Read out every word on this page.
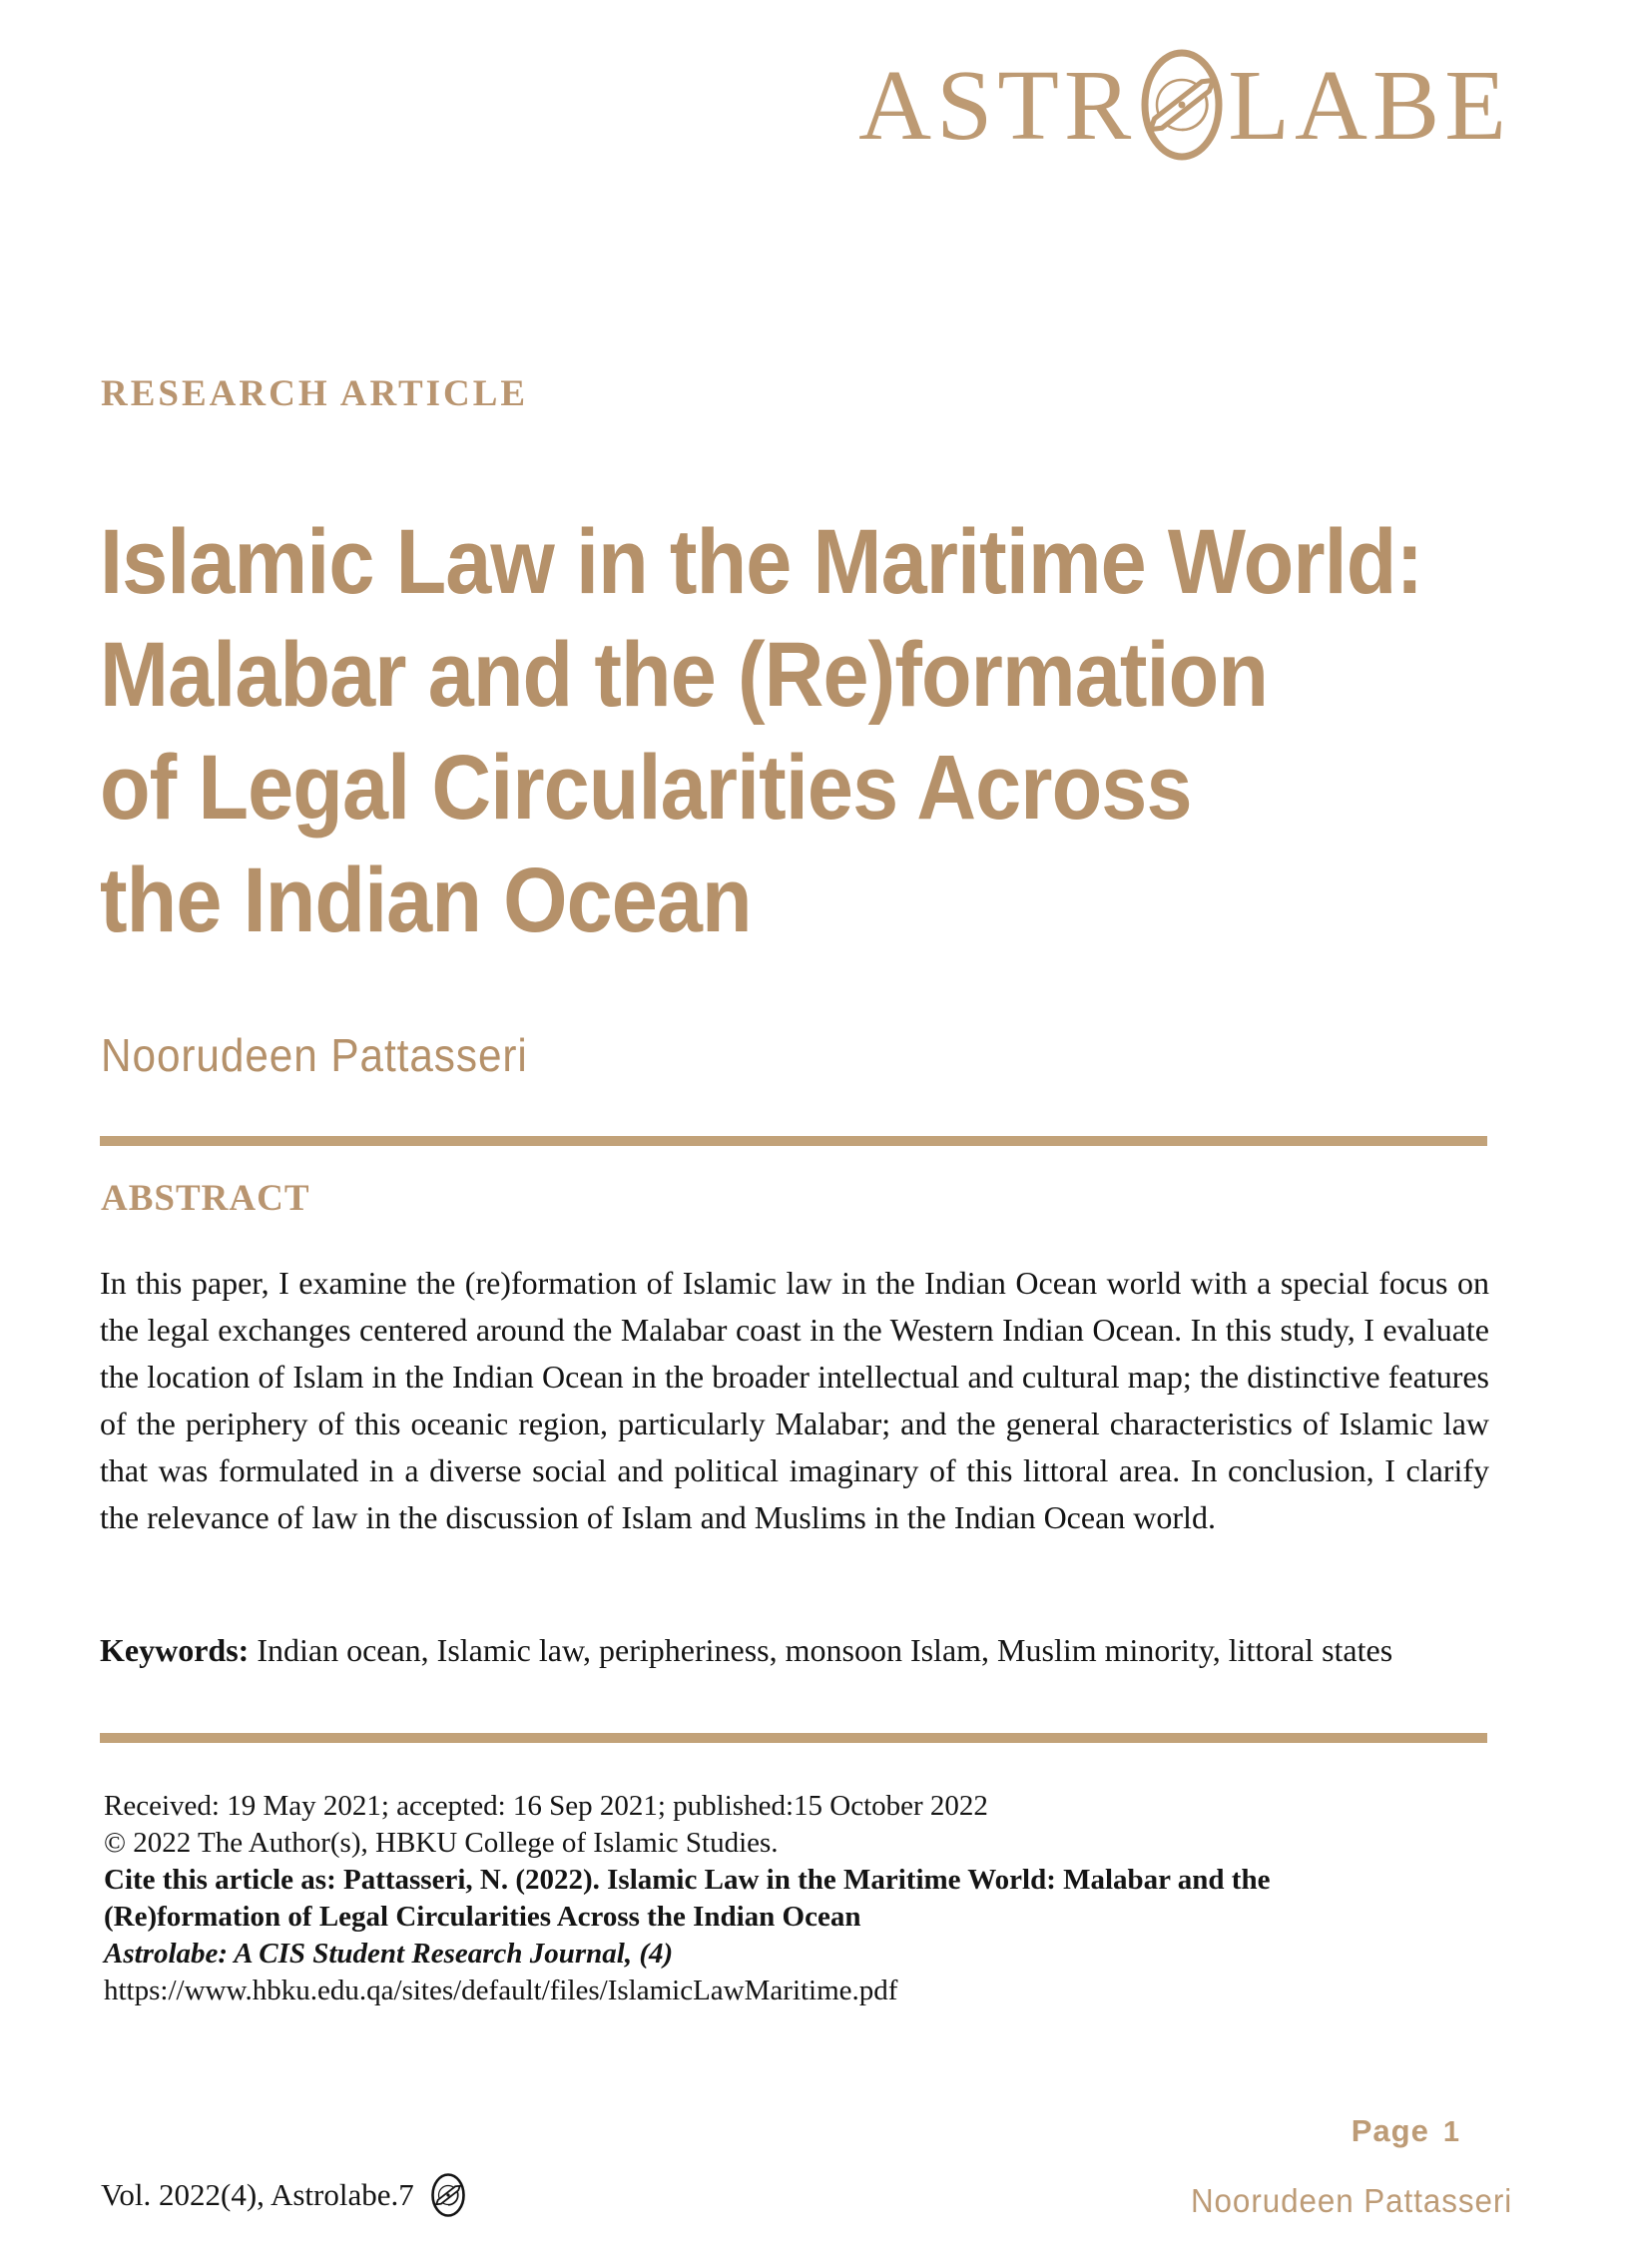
ASTR LABE
RESEARCH ARTICLE
Islamic Law in the Maritime World:
Malabar and the (Re)formation
of Legal Circularities Across
the Indian Ocean
Noorudeen Pattasseri
ABSTRACT
In this paper, I examine the (re)formation of Islamic law in the Indian Ocean world with a special focus on the legal exchanges centered around the Malabar coast in the Western Indian Ocean. In this study, I evaluate the location of Islam in the Indian Ocean in the broader intellectual and cultural map; the distinctive features of the periphery of this oceanic region, particularly Malabar; and the general characteristics of Islamic law that was formulated in a diverse social and political imaginary of this littoral area. In conclusion, I clarify the relevance of law in the discussion of Islam and Muslims in the Indian Ocean world.
Keywords: Indian ocean, Islamic law, peripheriness, monsoon Islam, Muslim minority, littoral states
Received: 19 May 2021; accepted: 16 Sep 2021; published:15 October 2022
© 2022 The Author(s), HBKU College of Islamic Studies.
Cite this article as: Pattasseri, N. (2022). Islamic Law in the Maritime World: Malabar and the
(Re)formation of Legal Circularities Across the Indian Ocean
Astrolabe: A CIS Student Research Journal, (4)
https://www.hbku.edu.qa/sites/default/files/IslamicLawMaritime.pdf
Page 1
Vol. 2022(4), Astrolabe.7	Noorudeen Pattasseri
